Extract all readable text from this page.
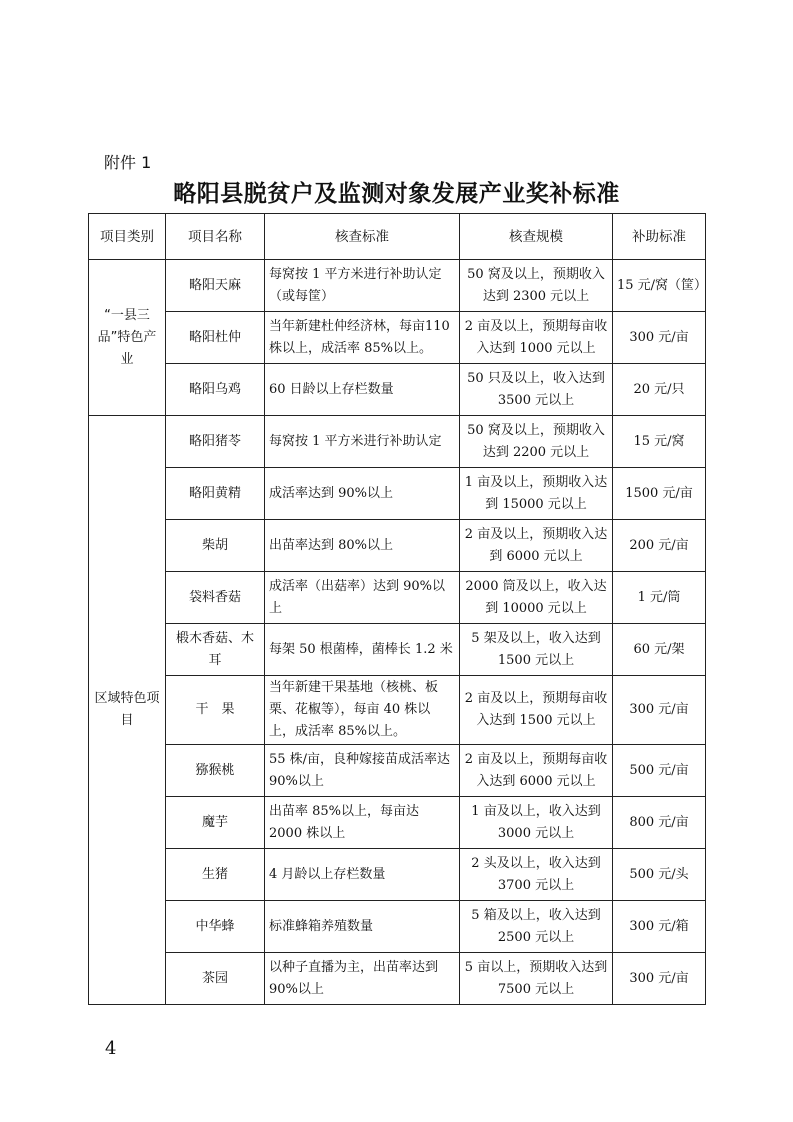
附件 1
略阳县脱贫户及监测对象发展产业奖补标准
项目类别	项目名称	核查标准	核查规模	补助标准
“一县三品”特色产业	略阳天麻	每窝按 1 平方米进行补助认定（或每筐）	50 窝及以上，预期收入达到 2300 元以上	15 元/窝（筐）
	略阳杜仲	当年新建杜仲经济林，每亩110 株以上，成活率 85%以上。	2 亩及以上，预期每亩收入达到 1000 元以上	300 元/亩
	略阳乌鸡	60 日龄以上存栏数量	50 只及以上，收入达到　3500 元以上	20 元/只
区域特色项目	略阳猪苓	每窝按 1 平方米进行补助认定	50 窝及以上，预期收入达到 2200 元以上	15 元/窝
	略阳黄精	成活率达到 90%以上	1 亩及以上，预期收入达到 15000 元以上	1500 元/亩
	柴胡	出苗率达到 80%以上	2 亩及以上，预期收入达到 6000 元以上	200 元/亩
	袋料香菇	成活率（出菇率）达到 90%以上	2000 筒及以上，收入达到 10000 元以上	1 元/筒
	椴木香菇、木耳	每架 50 根菌棒，菌棒长 1.2 米	5 架及以上，收入达到1500 元以上	60 元/架
	干　果	当年新建干果基地（核桃、板栗、花椒等），每亩 40 株以上，成活率 85%以上。	2 亩及以上，预期每亩收入达到 1500 元以上	300 元/亩
	猕猴桃	55 株/亩，良种嫁接苗成活率达 90%以上	2 亩及以上，预期每亩收入达到 6000 元以上	500 元/亩
	魔芋	出苗率 85%以上，每亩达 2000 株以上	1 亩及以上，收入达到3000 元以上	800 元/亩
	生猪	4 月龄以上存栏数量	2 头及以上，收入达到3700 元以上	500 元/头
	中华蜂	标准蜂箱养殖数量	5 箱及以上，收入达到2500 元以上	300 元/箱
	茶园	以种子直播为主，出苗率达到 90%以上	5 亩以上，预期收入达到 7500 元以上	300 元/亩
4
